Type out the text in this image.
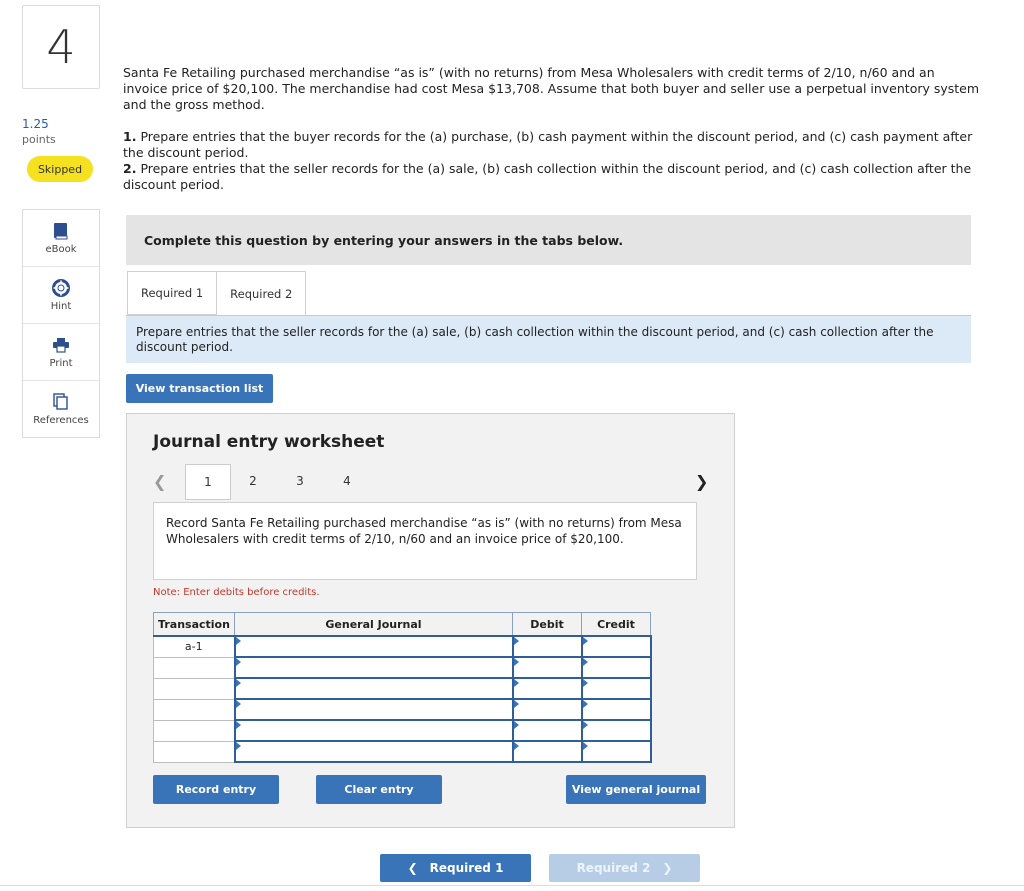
4
1.25
points
Skipped
eBook
Hint
Print
References

Santa Fe Retailing purchased merchandise “as is” (with no returns) from Mesa Wholesalers with credit terms of 2/10, n/60 and an invoice price of $20,100. The merchandise had cost Mesa $13,708. Assume that both buyer and seller use a perpetual inventory system and the gross method.

1. Prepare entries that the buyer records for the (a) purchase, (b) cash payment within the discount period, and (c) cash payment after the discount period.
2. Prepare entries that the seller records for the (a) sale, (b) cash collection within the discount period, and (c) cash collection after the discount period.
Complete this question by entering your answers in the tabs below.
Required 1	Required 2
Prepare entries that the seller records for the (a) sale, (b) cash collection within the discount period, and (c) cash collection after the discount period.
View transaction list
Journal entry worksheet
❮	1	2	3	4	❯
Record Santa Fe Retailing purchased merchandise “as is” (with no returns) from Mesa Wholesalers with credit terms of 2/10, n/60 and an invoice price of $20,100.
Note: Enter debits before credits.
Transaction	General Journal	Debit	Credit
a-1			

Record entry	Clear entry	View general journal
❮ Required 1	Required 2 ❯
